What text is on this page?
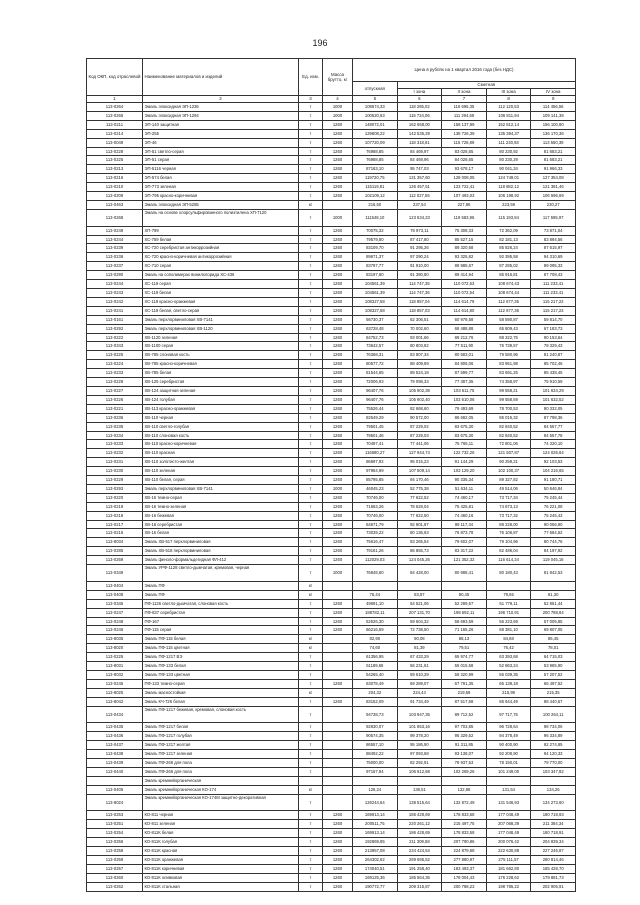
196
Код ОКП, код отраслевой	Наименование материалов и изделий	Ед. изм.	Масса брутто, кг	Цена в рублях на 1 квартал 2016 года (без НДС)				
				отпускная	Сметная			
					I зона	II зона	III зона	IV зона
1	2	3	4	5	6	7	8	9
113-0264	Эмаль эпоксидная ЭП-1236	т	1000	108674,33	118 265,02	116 695,35	112 120,53	114 456,56
113-0265	Эмаль эпоксидная ЭП-1294	т	1000	100520,63	115 724,06	111 294,69	106 811,94	109 141,38
113-0211	ЭП-140 защитная	т	1260	148072,01	162 658,00	158 137,99	152 812,14	156 100,80
113-0214	ЭП-255	т	1260	129808,22	142 535,29	138 726,39	135 394,37	136 170,36
113-0049	ЭП-46	т	1260	107720,09	118 318,61	115 726,89	111 230,93	113 550,39
113-0228	ЭП-51 светло-серая	т	1260	76988,85	84 469,97	83 028,65	80 230,92	81 683,21
113-0225	ЭП-51 серая	т	1260	76988,85	84 469,96	84 028,65	80 230,29	81 683,21
113-0213	ЭП-5116 черная	т	1260	87163,10	95 747,03	93 678,17	90 041,34	91 966,33
113-0216	ЭП-574 белая	т	1260	119720,75	131 357,60	128 008,05	124 749,01	127 354,08
113-0210	ЭП-773 зеленая	т	1260	115119,81	126 457,51	123 722,41	118 882,12	121 381,46
113-0209	ЭП-795 красно-коричневая	т	1260	102109,12	112 027,55	107 493,03	106 198,92	106 596,69
113-0463	Эмаль эпоксидная ЭП-5285	кг		216,50	237,54	227,86	223,59	230,27
113-0268	Эмаль на основе хлорсульфированного полиэтилена ХП-7120	т	1000	111548,10	123 534,23	119 583,96	115 193,84	117 595,97
113-0249	ХП-799	т	1260	70075,32	76 973,11	75 308,33	72 362,09	73 871,04
113-0244	ХС-759 белая	т	1260	79579,80	87 417,80	85 527,15	82 181,13	83 894,56
113-0239	ХС-720 серебристая антикоррозийная	т	1260	83109,70	91 295,26	89 320,68	85 826,24	87 615,97
113-0236	ХС-720 красно-коричневая антикоррозийная	т	1260	89671,37	97 290,24	93 325,82	92 395,58	94 310,69
113-0237	ХС-710 серая	т	1260	83787,77	91 910,00	89 985,67	87 285,02	89 095,33
113-0290	Эмаль на сополимерах винилхлорида ХС-436	т	1260	83197,80	91 380,80	89 414,94	85 916,81	87 708,43
113-0244	ХС-119 серая	т	1260	104561,39	114 747,35	110 072,53	108 674,43	111 233,41
113-0243	ХС-119 белая	т	1260	104561,39	114 747,36	110 072,54	108 674,44	111 233,41
113-0242	ХС-119 красно-оранжевая	т	1260	108327,58	118 857,04	114 614,79	112 677,35	115 217,22
113-0241	ХС-119 белая, светло-серая	т	1260	108327,58	118 857,03	114 614,80	112 677,36	115 217,23
113-0161	Эмаль перхлорвиниловая ХВ-7141	т	1260	56730,37	62 306,51	60 978,58	58 590,87	59 814,70
113-0292	Эмаль перхлорвиниловая ХВ-1120	т	1260	63728,48	70 002,60	68 488,88	65 809,43	67 183,73
113-0222	ХВ-1120 зеленая	т	1260	84752,73	93 001,66	89 212,76	88 322,75	90 153,64
113-0343	ХВ-1100 серая	т	1260	73642,57	80 803,82	77 511,90	76 739,57	78 329,43
113-0225	ХВ-785 слоновая кость	т	1260	76368,31	83 807,34	80 583,01	79 580,96	81 240,87
113-0224	ХВ-785 красно-коричневая	т	1260	80577,72	88 409,89	84 806,06	83 951,98	85 702,46
113-0233	ХВ-785 белая	т	1260	81544,65	89 524,18	87 599,77	83 691,25	85 438,45
113-0228	ХВ-125 серебристая	т	1260	72006,93	79 098,33	77 387,35	74 358,97	75 910,59
113-0227	ХВ-124 защитная зеленая	т	1260	96407,76	105 902,38	103 611,75	99 558,21	101 634,29
113-0226	ХВ-124 голубая	т	1260	96407,76	105 902,40	103 610,06	99 558,59	101 632,52
113-0221	ХВ-113 красно-оранжевая	т	1260	75526,44	82 668,60	79 493,69	78 700,53	80 332,05
113-0236	ХВ-110 черная	т	1260	82549,29	90 572,00	86 682,05	86 015,32	87 798,36
113-0235	ХВ-110 светло-голубая	т	1260	79501,45	87 229,02	83 675,30	82 840,52	84 557,77
113-0234	ХВ-110 слоновая кость	т	1260	79501,46	87 229,03	83 675,30	82 840,52	84 557,78
113-0233	ХВ-110 красно-коричневая	т	1260	70497,41	77 441,06	75 765,11	72 801,06	74 320,10
113-0232	ХВ-110 красная	т	1260	116680,27	127 944,74	122 732,26	121 507,87	124 026,64
113-0231	ХВ-110 золотисто-желтая	т	1260	86697,92	95 015,23	91 144,29	90 259,21	92 103,53
113-0230	ХВ-110 зеленая	т	1260	97964,99	107 509,14	103 129,20	102 100,37	104 216,65
113-0229	ХВ-110 белая, серая	т	1260	85795,85	94 170,46	90 335,34	89 327,82	91 180,71
113-0293	Эмаль перхлорвиниловая ХВ-7141	т	1000	46045,23	52 775,38	51 634,11	49 514,06	50 646,84
113-0220	ХВ-16 темно-серая	т	1260	70746,00	77 622,52	74 460,17	73 717,34	75 245,44
113-0219	ХВ-16 темно-зеленая	т	1260	71663,26	78 628,04	75 425,81	74 673,13	76 221,08
113-0218	ХВ-16 бежевая	т	1260	70746,00	77 622,50	74 460,16	73 717,32	75 245,43
113-0217	ХВ-16 серебристая	т	1260	84671,79	92 901,87	89 117,34	88 228,00	90 056,90
113-0216	ХВ-16 белая	т	1260	73039,22	80 136,63	76 873,78	76 106,87	77 684,52
113-8034	Эмаль ХВ-517 перхлорвиниловая	т	1260	75616,47	83 265,54	79 602,07	79 104,96	80 744,76
113-0285	Эмаль ХВ-518 перхлорвиниловая	т	1260	79161,26	86 855,73	83 317,22	82 486,04	84 197,92
113-0269	Эмаль феноло-формальдегидная ФЛ-412	т	1260	112029,03	124 045,26	121 352,32	116 614,34	119 045,16
113-0349	Эмаль УРФ-1128 светло-дымчатая, кремовая, черная	т	1000	76848,60	84 428,00	80 988,41	80 180,43	81 842,53
113-0404	Эмаль ПФ	кг						
113-0408	Эмаль ПФ	кг		76,44	83,87	80,45	79,65	81,30
113-0345	ПФ-1126 светло-дымчатая, слоновая кость	т	1260	49691,10	54 521,06	52 299,67	51 779,11	52 851,44
113-0247	ПФ-837 серебристая	т	1260	188782,11	207 131,70	198 692,11	196 710,91	200 788,84
113-0248	ПФ-167	т	1260	52526,30	59 604,32	58 693,59	55 223,69	57 005,85
113-0246	ПФ-115 серая	т	1260	66216,59	72 738,50	71 165,26	68 381,10	69 807,05
113-8035	Эмаль ПФ-115 белая	кг		82,90	90,08	88,13	84,68	86,45
113-8020	Эмаль ПФ-115 цветная	кг		74,60	81,39	79,51	76,42	78,01
113-0225	Эмаль ПФ-1217 ВЭ	т		61356,95	67 433,29	65 974,77	63 393,68	64 715,03
113-8031	Эмаль ПФ-133 белая	т		51189,66	56 231,61	55 015,58	52 863,24	53 965,90
113-8032	Эмаль ПФ-133 цветная	т		54265,40	59 610,29	58 320,99	56 039,35	57 207,52
113-0245	ПФ-133 темно-серая	т	1260	63078,49	69 289,07	67 791,35	65 139,18	66 497,52
113-8025	Эмаль масностойкая	кг		204,32	224,44	219,59	215,99	215,35
113-8042	Эмаль КЧ-726 белая	т	1260	83152,09	91 734,49	87 517,58	86 644,49	88 440,57
113-0434	Эмаль ПФ-1217 бежевая, кремовая, слоновая кость	т		94738,73	103 947,35	99 712,52	97 717,76	100 264,11
113-0435	Эмаль ПФ-1217 белая	т		92830,07	101 853,16	97 703,85	96 728,64	98 734,06
113-0436	Эмаль ПФ-1217 голубая	т		90574,35	99 378,20	95 329,52	94 378,49	96 334,89
113-0437	Эмаль ПФ-1217 желтая	т		86557,10	95 186,90	91 311,85	90 400,90	92 274,85
113-0438	Эмаль ПФ-1217 зеленая	т		88492,22	97 093,68	93 138,07	92 208,90	94 120,33
113-0439	Эмаль ПФ-266 для пола	т		75000,00	82 292,91	78 937,53	78 150,01	79 770,00
113-0440	Эмаль ПФ-266 для пола	т		97167,94	106 612,68	102 269,26	101 249,00	103 347,82
	Эмаль кремнийорганическая							
113-0405	Эмаль кремнийорганическая КО-174	кг		126,24	138,51	132,86	131,54	134,26
113-8024	Эмаль кремнийорганическая КО-174М защитно-декоративная	т		126244,64	138 515,64	132 872,49	131 546,93	134 273,60
113-0253	КО-811 черная	т	1260	169913,14	186 428,69	178 833,58	177 048,49	180 718,93
113-0251	КО-811 зеленая	т	1260	200511,75	220 261,12	215 497,75	207 068,39	211 384,34
113-0254	КО-811К белая	т	1260	169913,14	186 428,69	178 833,58	177 048,49	180 718,91
113-0256	КО-811К голубая	т	1260	192869,85	211 309,58	207 790,86	200 076,42	204 839,34
113-0258	КО-811К красная	т	1260	213957,08	234 424,54	224 879,68	222 630,88	227 245,87
113-0259	КО-811К оранжевая	т	1260	264302,62	289 695,52	277 880,97	275 111,57	280 814,46
113-0257	КО-811К коричневая	т	1260	174040,51	191 258,40	183 493,37	181 662,80	185 428,70
113-0260	КО-811К оливковая	т	1260	169125,36	185 564,35	178 004,43	176 228,62	179 881,73
113-0262	КО-811К стальная	т	1260	190772,77	209 315,87	200 788,23	198 785,22	202 905,91
